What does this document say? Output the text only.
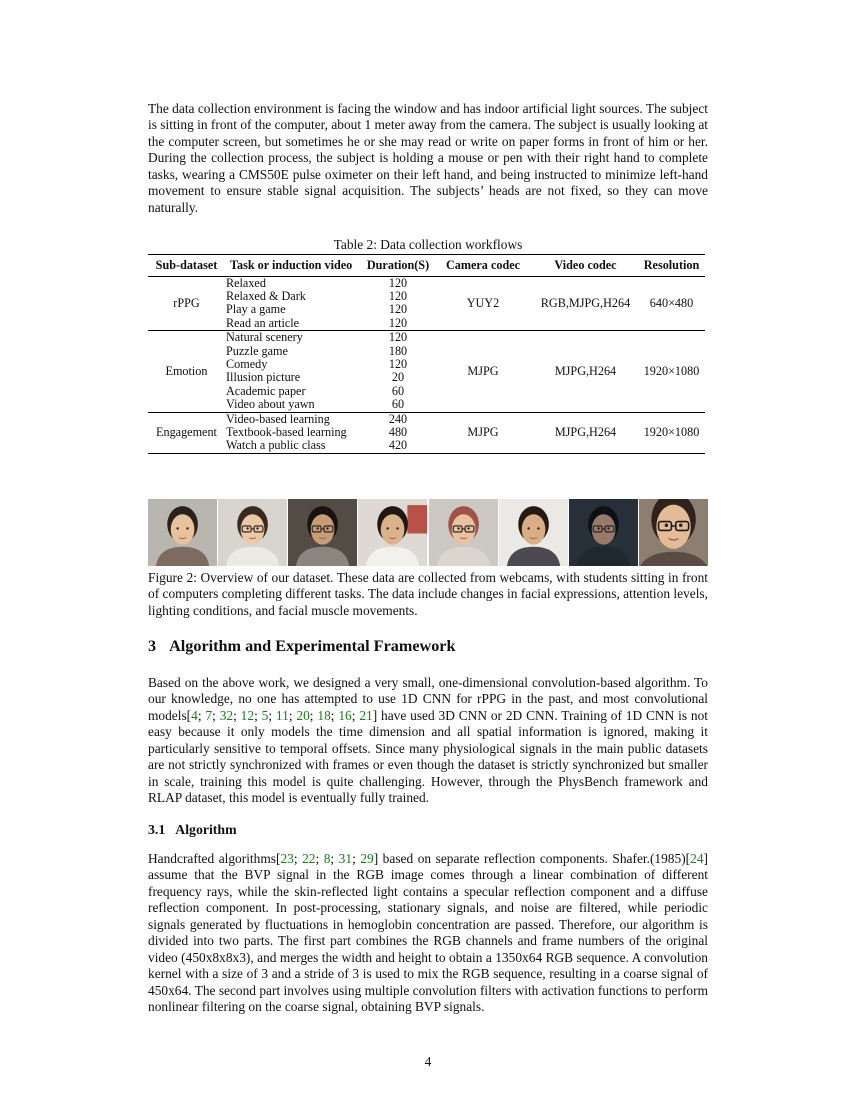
The data collection environment is facing the window and has indoor artificial light sources. The subject is sitting in front of the computer, about 1 meter away from the camera. The subject is usually looking at the computer screen, but sometimes he or she may read or write on paper forms in front of him or her. During the collection process, the subject is holding a mouse or pen with their right hand to complete tasks, wearing a CMS50E pulse oximeter on their left hand, and being instructed to minimize left-hand movement to ensure stable signal acquisition. The subjects’ heads are not fixed, so they can move naturally.

Table 2: Data collection workflows
Sub-dataset	Task or induction video	Duration(S)	Camera codec	Video codec	Resolution
rPPG	Relaxed	120	YUY2	RGB,MJPG,H264	640×480
	Relaxed & Dark	120			
	Play a game	120			
	Read an article	120			
Emotion	Natural scenery	120	MJPG	MJPG,H264	1920×1080
	Puzzle game	180			
	Comedy	120			
	Illusion picture	20			
	Academic paper	60			
	Video about yawn	60			
Engagement	Video-based learning	240	MJPG	MJPG,H264	1920×1080
	Textbook-based learning	480			
	Watch a public class	420			

Figure 2: Overview of our dataset. These data are collected from webcams, with students sitting in front of computers completing different tasks. The data include changes in facial expressions, attention levels, lighting conditions, and facial muscle movements.

3 Algorithm and Experimental Framework

Based on the above work, we designed a very small, one-dimensional convolution-based algorithm. To our knowledge, no one has attempted to use 1D CNN for rPPG in the past, and most convolutional models[4; 7; 32; 12; 5; 11; 20; 18; 16; 21] have used 3D CNN or 2D CNN. Training of 1D CNN is not easy because it only models the time dimension and all spatial information is ignored, making it particularly sensitive to temporal offsets. Since many physiological signals in the main public datasets are not strictly synchronized with frames or even though the dataset is strictly synchronized but smaller in scale, training this model is quite challenging. However, through the PhysBench framework and RLAP dataset, this model is eventually fully trained.

3.1 Algorithm

Handcrafted algorithms[23; 22; 8; 31; 29] based on separate reflection components. Shafer.(1985)[24] assume that the BVP signal in the RGB image comes through a linear combination of different frequency rays, while the skin-reflected light contains a specular reflection component and a diffuse reflection component. In post-processing, stationary signals, and noise are filtered, while periodic signals generated by fluctuations in hemoglobin concentration are passed. Therefore, our algorithm is divided into two parts. The first part combines the RGB channels and frame numbers of the original video (450x8x8x3), and merges the width and height to obtain a 1350x64 RGB sequence. A convolution kernel with a size of 3 and a stride of 3 is used to mix the RGB sequence, resulting in a coarse signal of 450x64. The second part involves using multiple convolution filters with activation functions to perform nonlinear filtering on the coarse signal, obtaining BVP signals.

4
